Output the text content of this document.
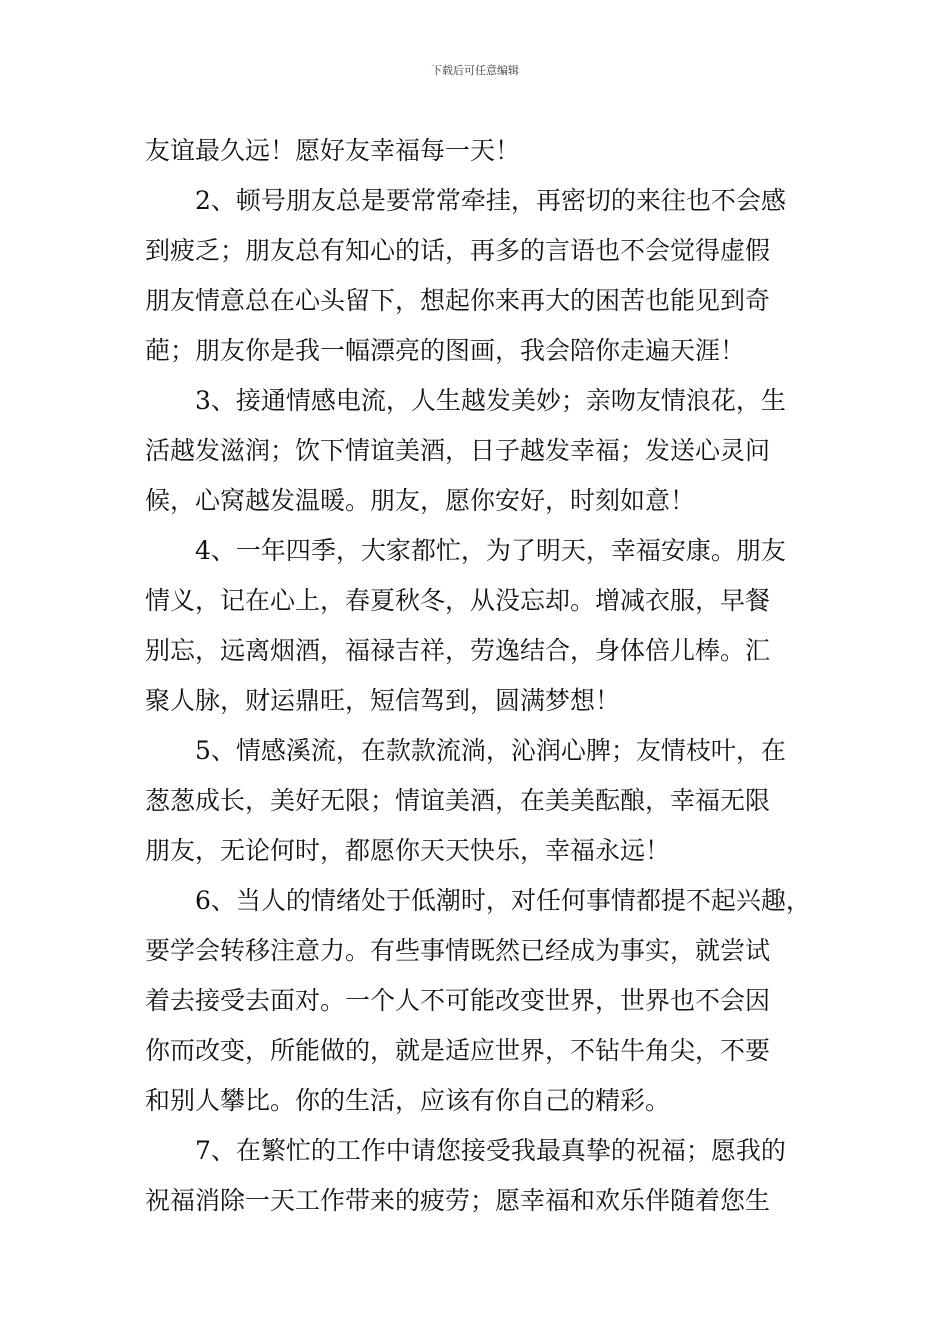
下载后可任意编辑
友谊最久远！愿好友幸福每一天！
2、顿号朋友总是要常常牵挂，再密切的来往也不会感
到疲乏；朋友总有知心的话，再多的言语也不会觉得虚假
朋友情意总在心头留下，想起你来再大的困苦也能见到奇
葩；朋友你是我一幅漂亮的图画，我会陪你走遍天涯！
3、接通情感电流，人生越发美妙；亲吻友情浪花，生
活越发滋润；饮下情谊美酒，日子越发幸福；发送心灵问
候，心窝越发温暖。朋友，愿你安好，时刻如意！
4、一年四季，大家都忙，为了明天，幸福安康。朋友
情义，记在心上，春夏秋冬，从没忘却。增减衣服，早餐
别忘，远离烟酒，福禄吉祥，劳逸结合，身体倍儿棒。汇
聚人脉，财运鼎旺，短信驾到，圆满梦想！
5、情感溪流，在款款流淌，沁润心脾；友情枝叶，在
葱葱成长，美好无限；情谊美酒，在美美酝酿，幸福无限
朋友，无论何时，都愿你天天快乐，幸福永远！
6、当人的情绪处于低潮时，对任何事情都提不起兴趣，
要学会转移注意力。有些事情既然已经成为事实，就尝试
着去接受去面对。一个人不可能改变世界，世界也不会因
你而改变，所能做的，就是适应世界，不钻牛角尖，不要
和别人攀比。你的生活，应该有你自己的精彩。
7、在繁忙的工作中请您接受我最真挚的祝福；愿我的
祝福消除一天工作带来的疲劳；愿幸福和欢乐伴随着您生
